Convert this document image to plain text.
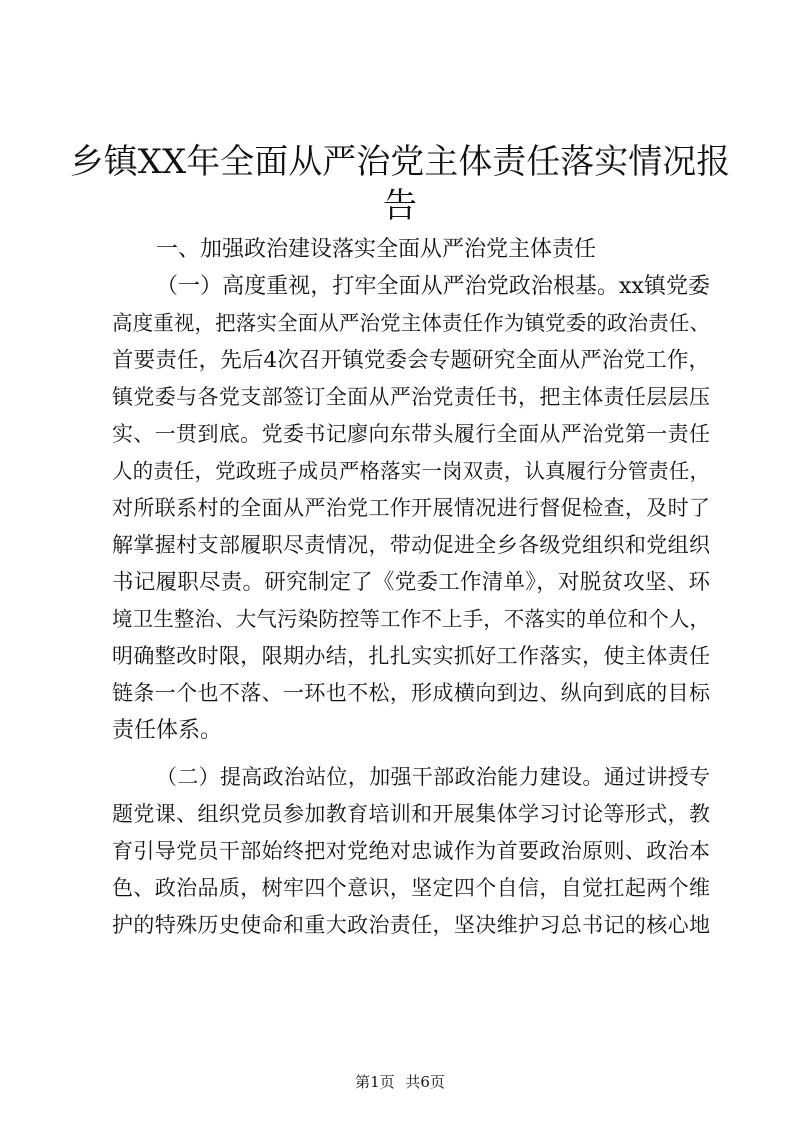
乡镇XX年全面从严治党主体责任落实情况报
告
一、加强政治建设落实全面从严治党主体责任
（一）高度重视，打牢全面从严治党政治根基。xx镇党委
高度重视，把落实全面从严治党主体责任作为镇党委的政治责任、
首要责任，先后4次召开镇党委会专题研究全面从严治党工作，
镇党委与各党支部签订全面从严治党责任书，把主体责任层层压
实、一贯到底。党委书记廖向东带头履行全面从严治党第一责任
人的责任，党政班子成员严格落实一岗双责，认真履行分管责任，
对所联系村的全面从严治党工作开展情况进行督促检查，及时了
解掌握村支部履职尽责情况，带动促进全乡各级党组织和党组织
书记履职尽责。研究制定了《党委工作清单》，对脱贫攻坚、环
境卫生整治、大气污染防控等工作不上手，不落实的单位和个人，
明确整改时限，限期办结，扎扎实实抓好工作落实，使主体责任
链条一个也不落、一环也不松，形成横向到边、纵向到底的目标
责任体系。
（二）提高政治站位，加强干部政治能力建设。通过讲授专
题党课、组织党员参加教育培训和开展集体学习讨论等形式，教
育引导党员干部始终把对党绝对忠诚作为首要政治原则、政治本
色、政治品质，树牢四个意识，坚定四个自信，自觉扛起两个维
护的特殊历史使命和重大政治责任，坚决维护习总书记的核心地
第1页 共6页
